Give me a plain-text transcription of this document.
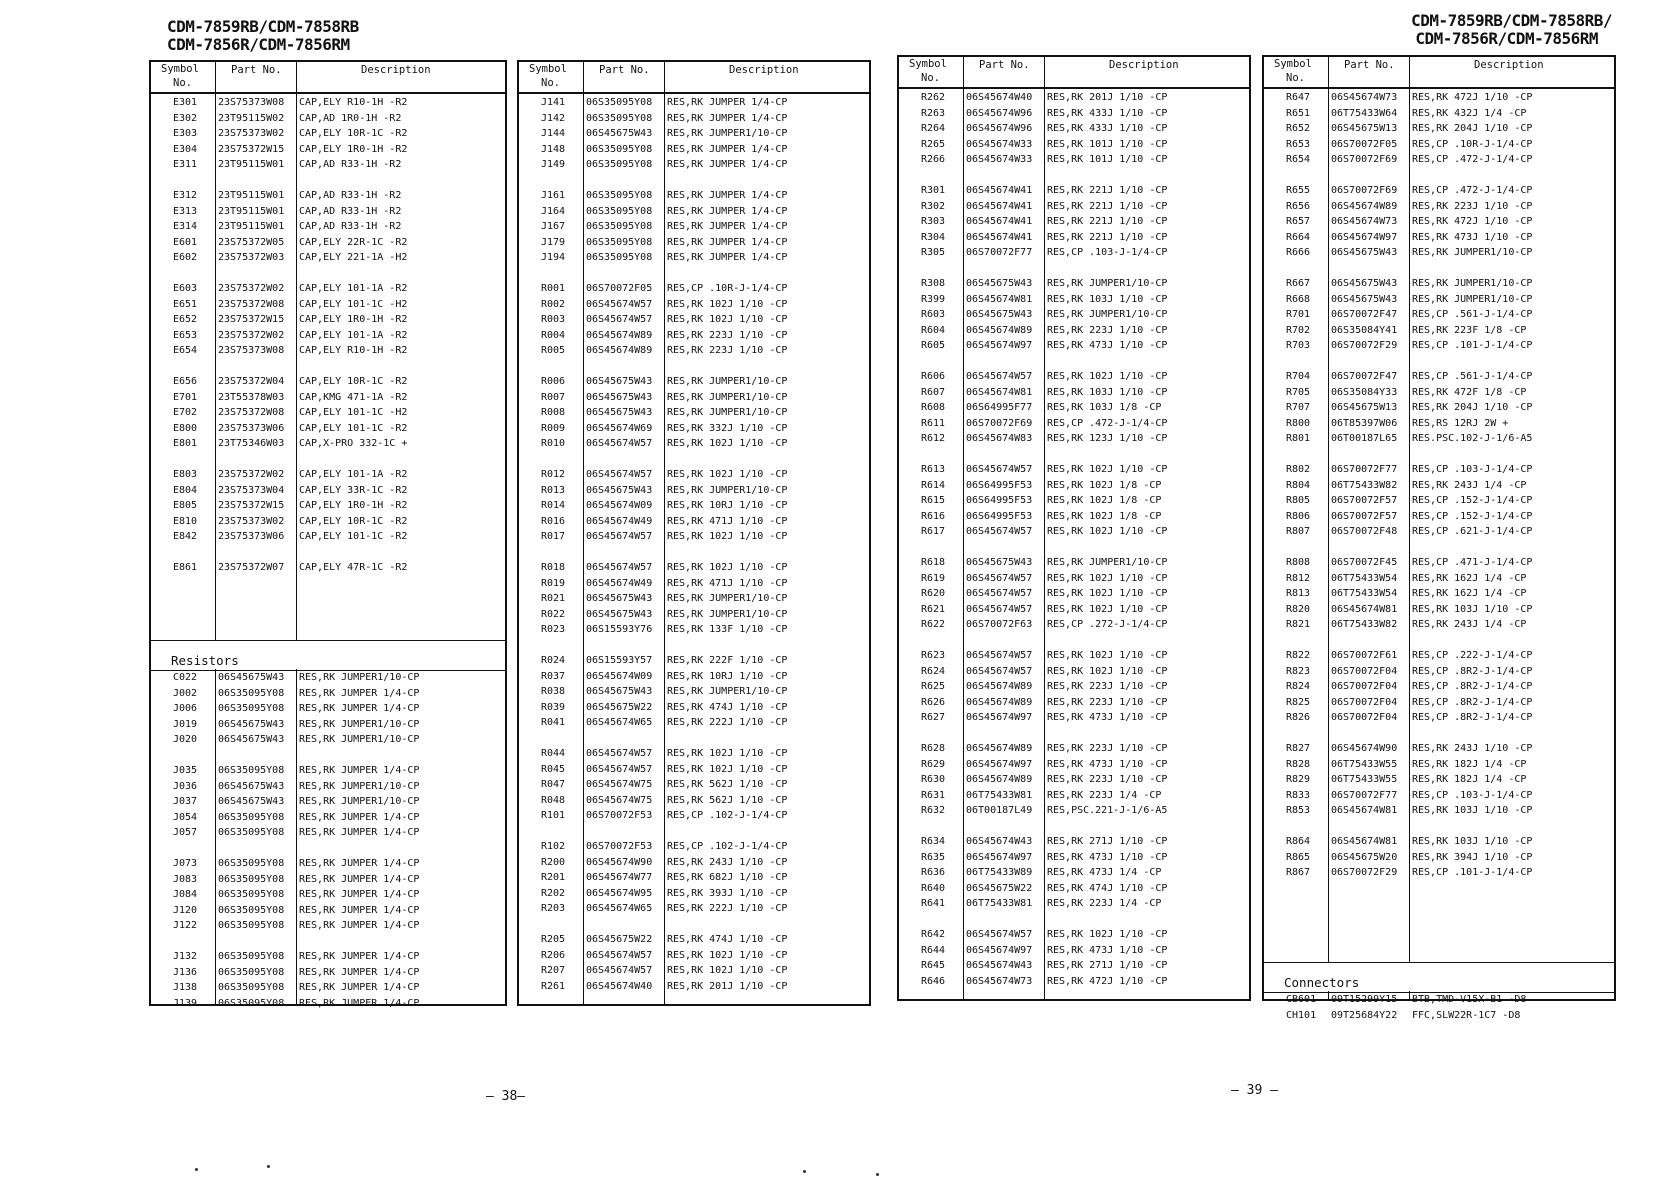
CDM-7859RB/CDM-7858RB
CDM-7856R/CDM-7856RM
CDM-7859RB/CDM-7858RB/
CDM-7856R/CDM-7856RM
Symbol
No.
Part No.	Description
E301 23S75373W08 CAP,ELY R10-1H -R2
E302 23T95115W02 CAP,AD 1R0-1H -R2
E303 23S75373W02 CAP,ELY 10R-1C -R2
E304 23S75372W15 CAP,ELY 1R0-1H -R2
E311 23T95115W01 CAP,AD R33-1H -R2
E312 23T95115W01 CAP,AD R33-1H -R2
E313 23T95115W01 CAP,AD R33-1H -R2
E314 23T95115W01 CAP,AD R33-1H -R2
E601 23S75372W05 CAP,ELY 22R-1C -R2
E602 23S75372W03 CAP,ELY 221-1A -H2
E603 23S75372W02 CAP,ELY 101-1A -R2
E651 23S75372W08 CAP,ELY 101-1C -H2
E652 23S75372W15 CAP,ELY 1R0-1H -R2
E653 23S75372W02 CAP,ELY 101-1A -R2
E654 23S75373W08 CAP,ELY R10-1H -R2
E656 23S75372W04 CAP,ELY 10R-1C -R2
E701 23T55378W03 CAP,KMG 471-1A -R2
E702 23S75372W08 CAP,ELY 101-1C -H2
E800 23S75373W06 CAP,ELY 101-1C -R2
E801 23T75346W03 CAP,X-PRO 332-1C +
E803 23S75372W02 CAP,ELY 101-1A -R2
E804 23S75373W04 CAP,ELY 33R-1C -R2
E805 23S75372W15 CAP,ELY 1R0-1H -R2
E810 23S75373W02 CAP,ELY 10R-1C -R2
E842 23S75373W06 CAP,ELY 101-1C -R2
E861 23S75372W07 CAP,ELY 47R-1C -R2
Resistors
C022 06S45675W43 RES,RK JUMPER1/10-CP
J002 06S35095Y08 RES,RK JUMPER 1/4-CP
J006 06S35095Y08 RES,RK JUMPER 1/4-CP
J019 06S45675W43 RES,RK JUMPER1/10-CP
J020 06S45675W43 RES,RK JUMPER1/10-CP
J035 06S35095Y08 RES,RK JUMPER 1/4-CP
J036 06S45675W43 RES,RK JUMPER1/10-CP
J037 06S45675W43 RES,RK JUMPER1/10-CP
J054 06S35095Y08 RES,RK JUMPER 1/4-CP
J057 06S35095Y08 RES,RK JUMPER 1/4-CP
J073 06S35095Y08 RES,RK JUMPER 1/4-CP
J083 06S35095Y08 RES,RK JUMPER 1/4-CP
J084 06S35095Y08 RES,RK JUMPER 1/4-CP
J120 06S35095Y08 RES,RK JUMPER 1/4-CP
J122 06S35095Y08 RES,RK JUMPER 1/4-CP
J132 06S35095Y08 RES,RK JUMPER 1/4-CP
J136 06S35095Y08 RES,RK JUMPER 1/4-CP
J138 06S35095Y08 RES,RK JUMPER 1/4-CP
J139 06S35095Y08 RES,RK JUMPER 1/4-CP
Symbol
No.
Part No.	Description
J141 06S35095Y08 RES,RK JUMPER 1/4-CP
J142 06S35095Y08 RES,RK JUMPER 1/4-CP
J144 06S45675W43 RES,RK JUMPER1/10-CP
J148 06S35095Y08 RES,RK JUMPER 1/4-CP
J149 06S35095Y08 RES,RK JUMPER 1/4-CP
J161 06S35095Y08 RES,RK JUMPER 1/4-CP
J164 06S35095Y08 RES,RK JUMPER 1/4-CP
J167 06S35095Y08 RES,RK JUMPER 1/4-CP
J179 06S35095Y08 RES,RK JUMPER 1/4-CP
J194 06S35095Y08 RES,RK JUMPER 1/4-CP
R001 06S70072F05 RES,CP .10R-J-1/4-CP
R002 06S45674W57 RES,RK 102J 1/10 -CP
R003 06S45674W57 RES,RK 102J 1/10 -CP
R004 06S45674W89 RES,RK 223J 1/10 -CP
R005 06S45674W89 RES,RK 223J 1/10 -CP
R006 06S45675W43 RES,RK JUMPER1/10-CP
R007 06S45675W43 RES,RK JUMPER1/10-CP
R008 06S45675W43 RES,RK JUMPER1/10-CP
R009 06S45674W69 RES,RK 332J 1/10 -CP
R010 06S45674W57 RES,RK 102J 1/10 -CP
R012 06S45674W57 RES,RK 102J 1/10 -CP
R013 06S45675W43 RES,RK JUMPER1/10-CP
R014 06S45674W09 RES,RK 10RJ 1/10 -CP
R016 06S45674W49 RES,RK 471J 1/10 -CP
R017 06S45674W57 RES,RK 102J 1/10 -CP
R018 06S45674W57 RES,RK 102J 1/10 -CP
R019 06S45674W49 RES,RK 471J 1/10 -CP
R021 06S45675W43 RES,RK JUMPER1/10-CP
R022 06S45675W43 RES,RK JUMPER1/10-CP
R023 06S15593Y76 RES,RK 133F 1/10 -CP
R024 06S15593Y57 RES,RK 222F 1/10 -CP
R037 06S45674W09 RES,RK 10RJ 1/10 -CP
R038 06S45675W43 RES,RK JUMPER1/10-CP
R039 06S45675W22 RES,RK 474J 1/10 -CP
R041 06S45674W65 RES,RK 222J 1/10 -CP
R044 06S45674W57 RES,RK 102J 1/10 -CP
R045 06S45674W57 RES,RK 102J 1/10 -CP
R047 06S45674W75 RES,RK 562J 1/10 -CP
R048 06S45674W75 RES,RK 562J 1/10 -CP
R101 06S70072F53 RES,CP .102-J-1/4-CP
R102 06S70072F53 RES,CP .102-J-1/4-CP
R200 06S45674W90 RES,RK 243J 1/10 -CP
R201 06S45674W77 RES,RK 682J 1/10 -CP
R202 06S45674W95 RES,RK 393J 1/10 -CP
R203 06S45674W65 RES,RK 222J 1/10 -CP
R205 06S45675W22 RES,RK 474J 1/10 -CP
R206 06S45674W57 RES,RK 102J 1/10 -CP
R207 06S45674W57 RES,RK 102J 1/10 -CP
R261 06S45674W40 RES,RK 201J 1/10 -CP
Symbol
No.
Part No.	Description
R262 06S45674W40 RES,RK 201J 1/10 -CP
R263 06S45674W96 RES,RK 433J 1/10 -CP
R264 06S45674W96 RES,RK 433J 1/10 -CP
R265 06S45674W33 RES,RK 101J 1/10 -CP
R266 06S45674W33 RES,RK 101J 1/10 -CP
R301 06S45674W41 RES,RK 221J 1/10 -CP
R302 06S45674W41 RES,RK 221J 1/10 -CP
R303 06S45674W41 RES,RK 221J 1/10 -CP
R304 06S45674W41 RES,RK 221J 1/10 -CP
R305 06S70072F77 RES,CP .103-J-1/4-CP
R308 06S45675W43 RES,RK JUMPER1/10-CP
R399 06S45674W81 RES,RK 103J 1/10 -CP
R603 06S45675W43 RES,RK JUMPER1/10-CP
R604 06S45674W89 RES,RK 223J 1/10 -CP
R605 06S45674W97 RES,RK 473J 1/10 -CP
R606 06S45674W57 RES,RK 102J 1/10 -CP
R607 06S45674W81 RES,RK 103J 1/10 -CP
R608 06S64995F77 RES,RK 103J 1/8 -CP
R611 06S70072F69 RES,CP .472-J-1/4-CP
R612 06S45674W83 RES,RK 123J 1/10 -CP
R613 06S45674W57 RES,RK 102J 1/10 -CP
R614 06S64995F53 RES,RK 102J 1/8 -CP
R615 06S64995F53 RES,RK 102J 1/8 -CP
R616 06S64995F53 RES,RK 102J 1/8 -CP
R617 06S45674W57 RES,RK 102J 1/10 -CP
R618 06S45675W43 RES,RK JUMPER1/10-CP
R619 06S45674W57 RES,RK 102J 1/10 -CP
R620 06S45674W57 RES,RK 102J 1/10 -CP
R621 06S45674W57 RES,RK 102J 1/10 -CP
R622 06S70072F63 RES,CP .272-J-1/4-CP
R623 06S45674W57 RES,RK 102J 1/10 -CP
R624 06S45674W57 RES,RK 102J 1/10 -CP
R625 06S45674W89 RES,RK 223J 1/10 -CP
R626 06S45674W89 RES,RK 223J 1/10 -CP
R627 06S45674W97 RES,RK 473J 1/10 -CP
R628 06S45674W89 RES,RK 223J 1/10 -CP
R629 06S45674W97 RES,RK 473J 1/10 -CP
R630 06S45674W89 RES,RK 223J 1/10 -CP
R631 06T75433W81 RES,RK 223J 1/4 -CP
R632 06T00187L49 RES,PSC.221-J-1/6-A5
R634 06S45674W43 RES,RK 271J 1/10 -CP
R635 06S45674W97 RES,RK 473J 1/10 -CP
R636 06T75433W89 RES,RK 473J 1/4 -CP
R640 06S45675W22 RES,RK 474J 1/10 -CP
R641 06T75433W81 RES,RK 223J 1/4 -CP
R642 06S45674W57 RES,RK 102J 1/10 -CP
R644 06S45674W97 RES,RK 473J 1/10 -CP
R645 06S45674W43 RES,RK 271J 1/10 -CP
R646 06S45674W73 RES,RK 472J 1/10 -CP
Symbol
No.
Part No.	Description
R647 06S45674W73 RES,RK 472J 1/10 -CP
R651 06T75433W64 RES,RK 432J 1/4 -CP
R652 06S45675W13 RES,RK 204J 1/10 -CP
R653 06S70072F05 RES,CP .10R-J-1/4-CP
R654 06S70072F69 RES,CP .472-J-1/4-CP
R655 06S70072F69 RES,CP .472-J-1/4-CP
R656 06S45674W89 RES,RK 223J 1/10 -CP
R657 06S45674W73 RES,RK 472J 1/10 -CP
R664 06S45674W97 RES,RK 473J 1/10 -CP
R666 06S45675W43 RES,RK JUMPER1/10-CP
R667 06S45675W43 RES,RK JUMPER1/10-CP
R668 06S45675W43 RES,RK JUMPER1/10-CP
R701 06S70072F47 RES,CP .561-J-1/4-CP
R702 06S35084Y41 RES,RK 223F 1/8 -CP
R703 06S70072F29 RES,CP .101-J-1/4-CP
R704 06S70072F47 RES,CP .561-J-1/4-CP
R705 06S35084Y33 RES,RK 472F 1/8 -CP
R707 06S45675W13 RES,RK 204J 1/10 -CP
R800 06T85397W06 RES,RS 12RJ 2W +
R801 06T00187L65 RES.PSC.102-J-1/6-A5
R802 06S70072F77 RES,CP .103-J-1/4-CP
R804 06T75433W82 RES,RK 243J 1/4 -CP
R805 06S70072F57 RES,CP .152-J-1/4-CP
R806 06S70072F57 RES,CP .152-J-1/4-CP
R807 06S70072F48 RES,CP .621-J-1/4-CP
R808 06S70072F45 RES,CP .471-J-1/4-CP
R812 06T75433W54 RES,RK 162J 1/4 -CP
R813 06T75433W54 RES,RK 162J 1/4 -CP
R820 06S45674W81 RES,RK 103J 1/10 -CP
R821 06T75433W82 RES,RK 243J 1/4 -CP
R822 06S70072F61 RES,CP .222-J-1/4-CP
R823 06S70072F04 RES,CP .8R2-J-1/4-CP
R824 06S70072F04 RES,CP .8R2-J-1/4-CP
R825 06S70072F04 RES,CP .8R2-J-1/4-CP
R826 06S70072F04 RES,CP .8R2-J-1/4-CP
R827 06S45674W90 RES,RK 243J 1/10 -CP
R828 06T75433W55 RES,RK 182J 1/4 -CP
R829 06T75433W55 RES,RK 182J 1/4 -CP
R833 06S70072F77 RES,CP .103-J-1/4-CP
R853 06S45674W81 RES,RK 103J 1/10 -CP
R864 06S45674W81 RES,RK 103J 1/10 -CP
R865 06S45675W20 RES,RK 394J 1/10 -CP
R867 06S70072F29 RES,CP .101-J-1/4-CP
Connectors
CB601 09T15299Y15 BTB,TMD-V15X-B1 -D8
CH101 09T25684Y22 FFC,SLW22R-1C7 -D8
— 38—	— 39 —
